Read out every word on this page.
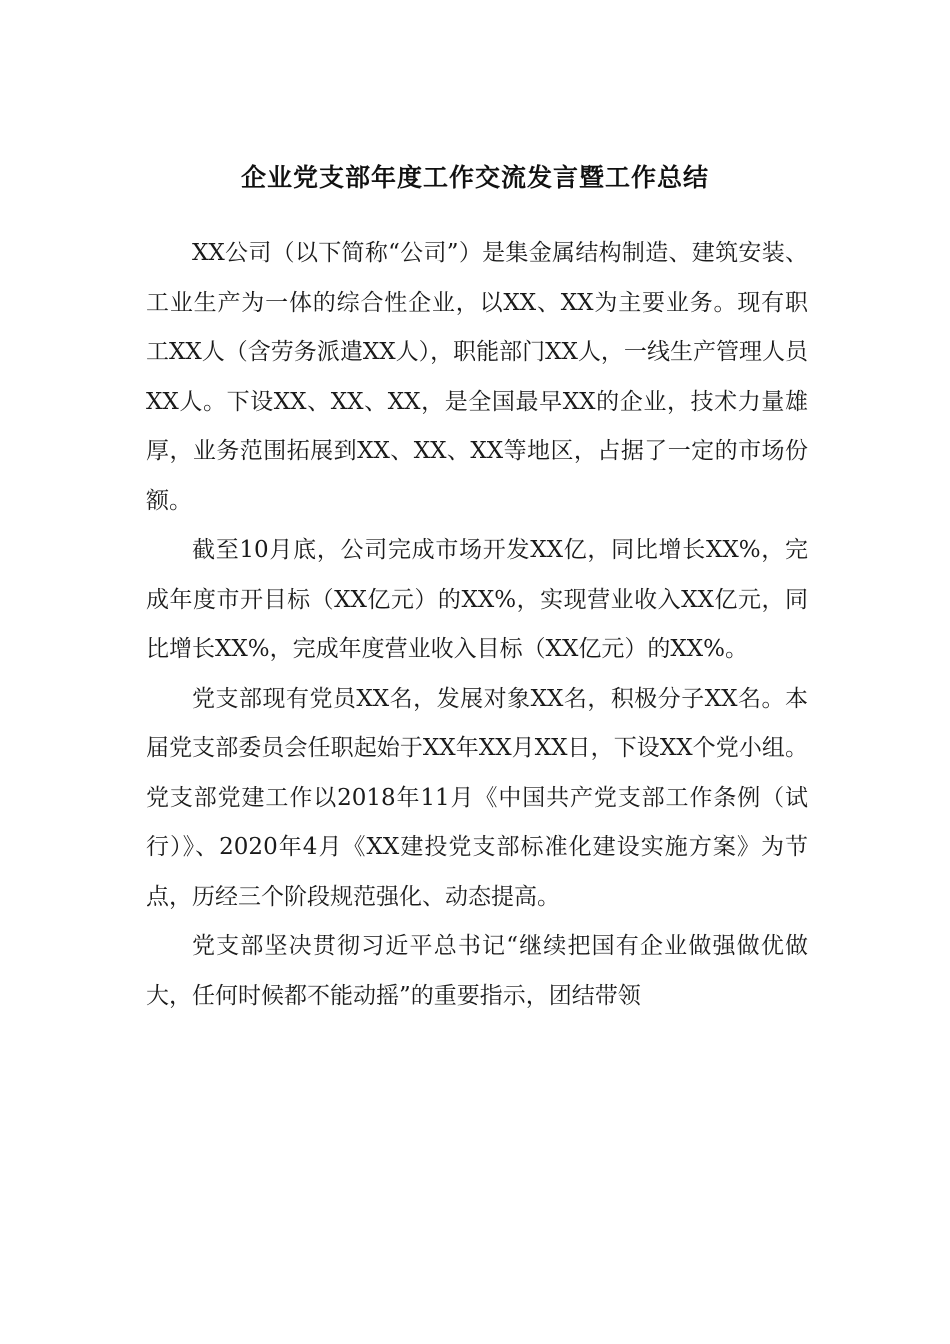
企业党支部年度工作交流发言暨工作总结

XX公司（以下简称“公司”）是集金属结构制造、建筑安装、工业生产为一体的综合性企业，以XX、XX为主要业务。现有职工XX人（含劳务派遣XX人），职能部门XX人，一线生产管理人员XX人。下设XX、XX、XX，是全国最早XX的企业，技术力量雄厚，业务范围拓展到XX、XX、XX等地区，占据了一定的市场份额。

截至10月底，公司完成市场开发XX亿，同比增长XX%，完成年度市开目标（XX亿元）的XX%，实现营业收入XX亿元，同比增长XX%，完成年度营业收入目标（XX亿元）的XX%。

党支部现有党员XX名，发展对象XX名，积极分子XX名。本届党支部委员会任职起始于XX年XX月XX日，下设XX个党小组。党支部党建工作以2018年11月《中国共产党支部工作条例（试行）》、2020年4月《XX建投党支部标准化建设实施方案》为节点，历经三个阶段规范强化、动态提高。

党支部坚决贯彻习近平总书记“继续把国有企业做强做优做大，任何时候都不能动摇”的重要指示，团结带领
